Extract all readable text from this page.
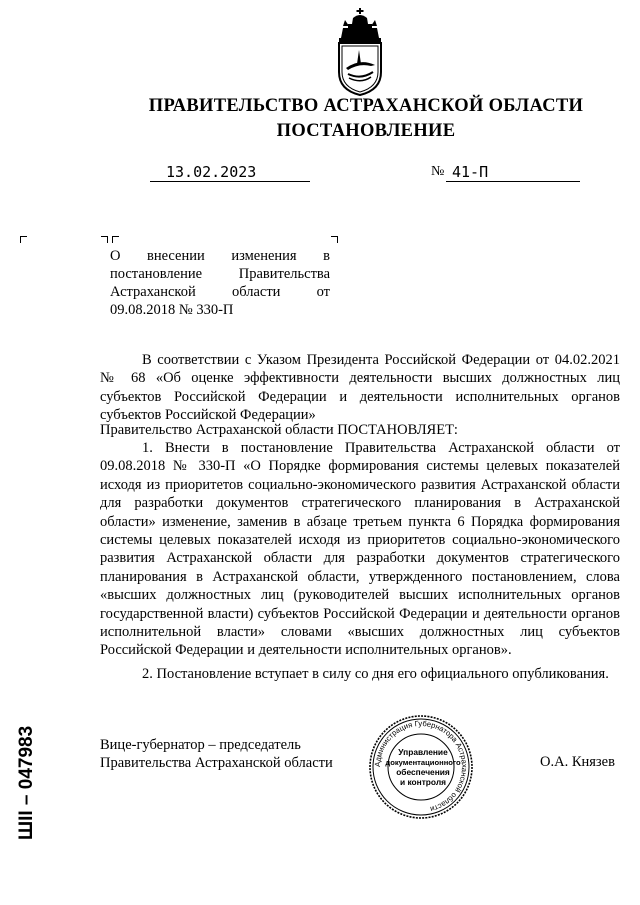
ПРАВИТЕЛЬСТВО АСТРАХАНСКОЙ ОБЛАСТИ
ПОСТАНОВЛЕНИЕ
13.02.2023	№ 41-П
О внесении изменения в постановление Правительства Астраханской области от 09.08.2018 № 330-П
В соответствии с Указом Президента Российской Федерации от 04.02.2021 № 68 «Об оценке эффективности деятельности высших должностных лиц субъектов Российской Федерации и деятельности исполнительных органов субъектов Российской Федерации»
Правительство Астраханской области ПОСТАНОВЛЯЕТ:
1. Внести в постановление Правительства Астраханской области от 09.08.2018 № 330-П «О Порядке формирования системы целевых показателей исходя из приоритетов социально-экономического развития Астраханской области для разработки документов стратегического планирования в Астраханской области» изменение, заменив в абзаце третьем пункта 6 Порядка формирования системы целевых показателей исходя из приоритетов социально-экономического развития Астраханской области для разработки документов стратегического планирования в Астраханской области, утвержденного постановлением, слова «высших должностных лиц (руководителей высших исполнительных органов государственной власти) субъектов Российской Федерации и деятельности органов исполнительной власти» словами «высших должностных лиц субъектов Российской Федерации и деятельности исполнительных органов».
2. Постановление вступает в силу со дня его официального опубликования.
Вице-губернатор – председатель
Правительства Астраханской области	О.А. Князев
Администрация Губернатора Астраханской области
Управление
документационного
обеспечения
и контроля
ШII – 047983
